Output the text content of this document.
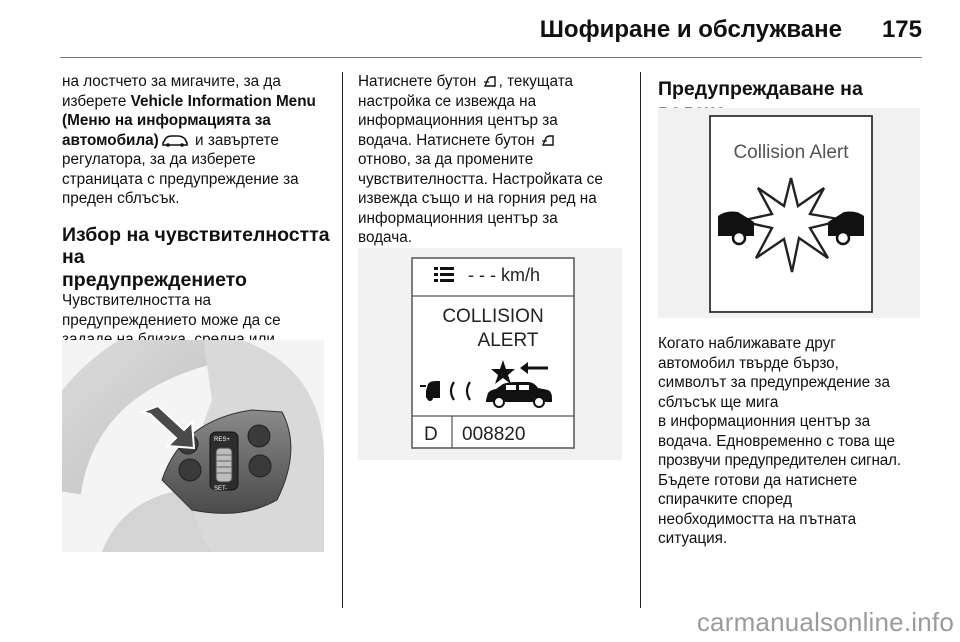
Шофиране и обслужване 175

на лостчето за мигачите, за да

изберете Vehicle Information Menu

(Меню на информацията за

автомобила) и завъртете

регулатора, за да изберете

страницата с предупреждение за

преден сблъсък.

Избор на чувствителността на
предупреждението

Чувствителността на

предупреждението може да се

RES+
SET-

Натиснете бутон , текущата

настройка се извежда на

информационния център за

водача. Натиснете бутон

отново, за да промените

чувствителността. Настройката се

извежда също и на горния ред на

информационния център за

водача.

- - - km/h
COLLISION
ALERT
D 008820
Предупреждаване на
Collision Alert

Когато наближавате друг

автомобил твърде бързо,

символът за предупреждение за

сблъсък ще мига

в информационния център за

водача. Едновременно с това ще

прозвучи предупредителен сигнал.

Бъдете готови да натиснете

спирачките според

необходимостта на пътната

ситуация.

carmanualsonline.info
